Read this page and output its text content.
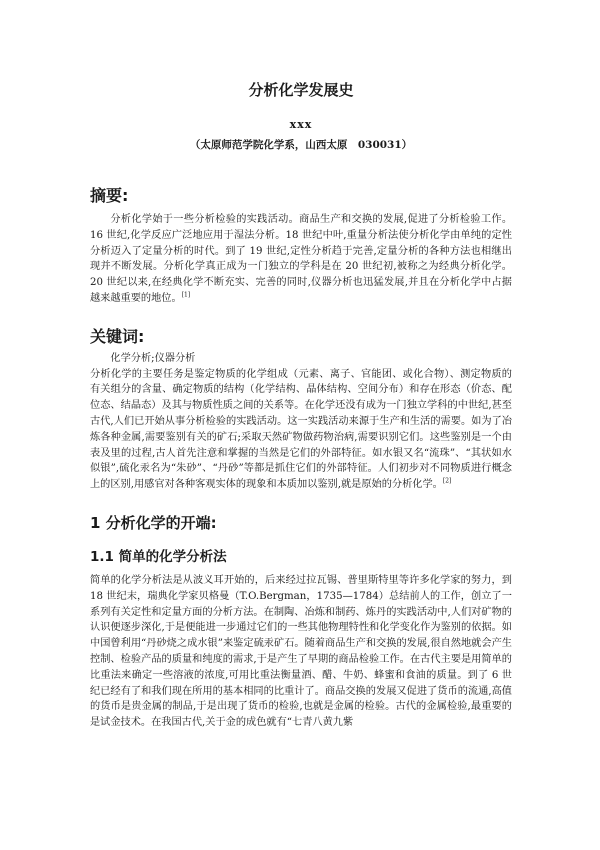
分析化学发展史
xxx
（太原师范学院化学系，山西太原　030031）
摘要:

分析化学始于一些分析检验的实践活动。商品生产和交换的发展,促进了分析检验工作。16 世纪,化学反应广泛地应用于湿法分析。18 世纪中叶,重量分析法使分析化学由单纯的定性分析迈入了定量分析的时代。到了 19 世纪,定性分析趋于完善,定量分析的各种方法也相继出现并不断发展。分析化学真正成为一门独立的学科是在 20 世纪初,被称之为经典分析化学。20 世纪以来,在经典化学不断充实、完善的同时,仪器分析也迅猛发展,并且在分析化学中占据越来越重要的地位。[1]

关键词:

化学分析;仪器分析

分析化学的主要任务是鉴定物质的化学组成（元素、离子、官能团、或化合物）、测定物质的有关组分的含量、确定物质的结构（化学结构、晶体结构、空间分布）和存在形态（价态、配位态、结晶态）及其与物质性质之间的关系等。在化学还没有成为一门独立学科的中世纪,甚至古代,人们已开始从事分析检验的实践活动。这一实践活动来源于生产和生活的需要。如为了冶炼各种金属,需要鉴别有关的矿石;采取天然矿物做药物治病,需要识别它们。这些鉴别是一个由表及里的过程,古人首先注意和掌握的当然是它们的外部特征。如水银又名“流珠”、“其状如水似银”,硫化汞名为“朱砂”、“丹砂”等都是抓住它们的外部特征。人们初步对不同物质进行概念上的区别,用感官对各种客观实体的现象和本质加以鉴别,就是原始的分析化学。[2]

1 分析化学的开端:
1.1 简单的化学分析法

简单的化学分析法是从波义耳开始的，后来经过拉瓦锡、普里斯特里等许多化学家的努力，到 18 世纪末，瑞典化学家贝格曼（T.O.Bergman，1735—1784）总结前人的工作，创立了一系列有关定性和定量方面的分析方法。在制陶、冶炼和制药、炼丹的实践活动中,人们对矿物的认识便逐步深化,于是便能进一步通过它们的一些其他物理特性和化学变化作为鉴别的依据。如中国曾利用“丹砂烧之成水银”来鉴定硫汞矿石。随着商品生产和交换的发展,很自然地就会产生控制、检验产品的质量和纯度的需求,于是产生了早期的商品检验工作。在古代主要是用简单的比重法来确定一些溶液的浓度,可用比重法衡量酒、醋、牛奶、蜂蜜和食油的质量。到了 6 世纪已经有了和我们现在所用的基本相同的比重计了。商品交换的发展又促进了货币的流通,高值的货币是贵金属的制品,于是出现了货币的检验,也就是金属的检验。古代的金属检验,最重要的是试金技术。在我国古代,关于金的成色就有“七青八黄九紫
